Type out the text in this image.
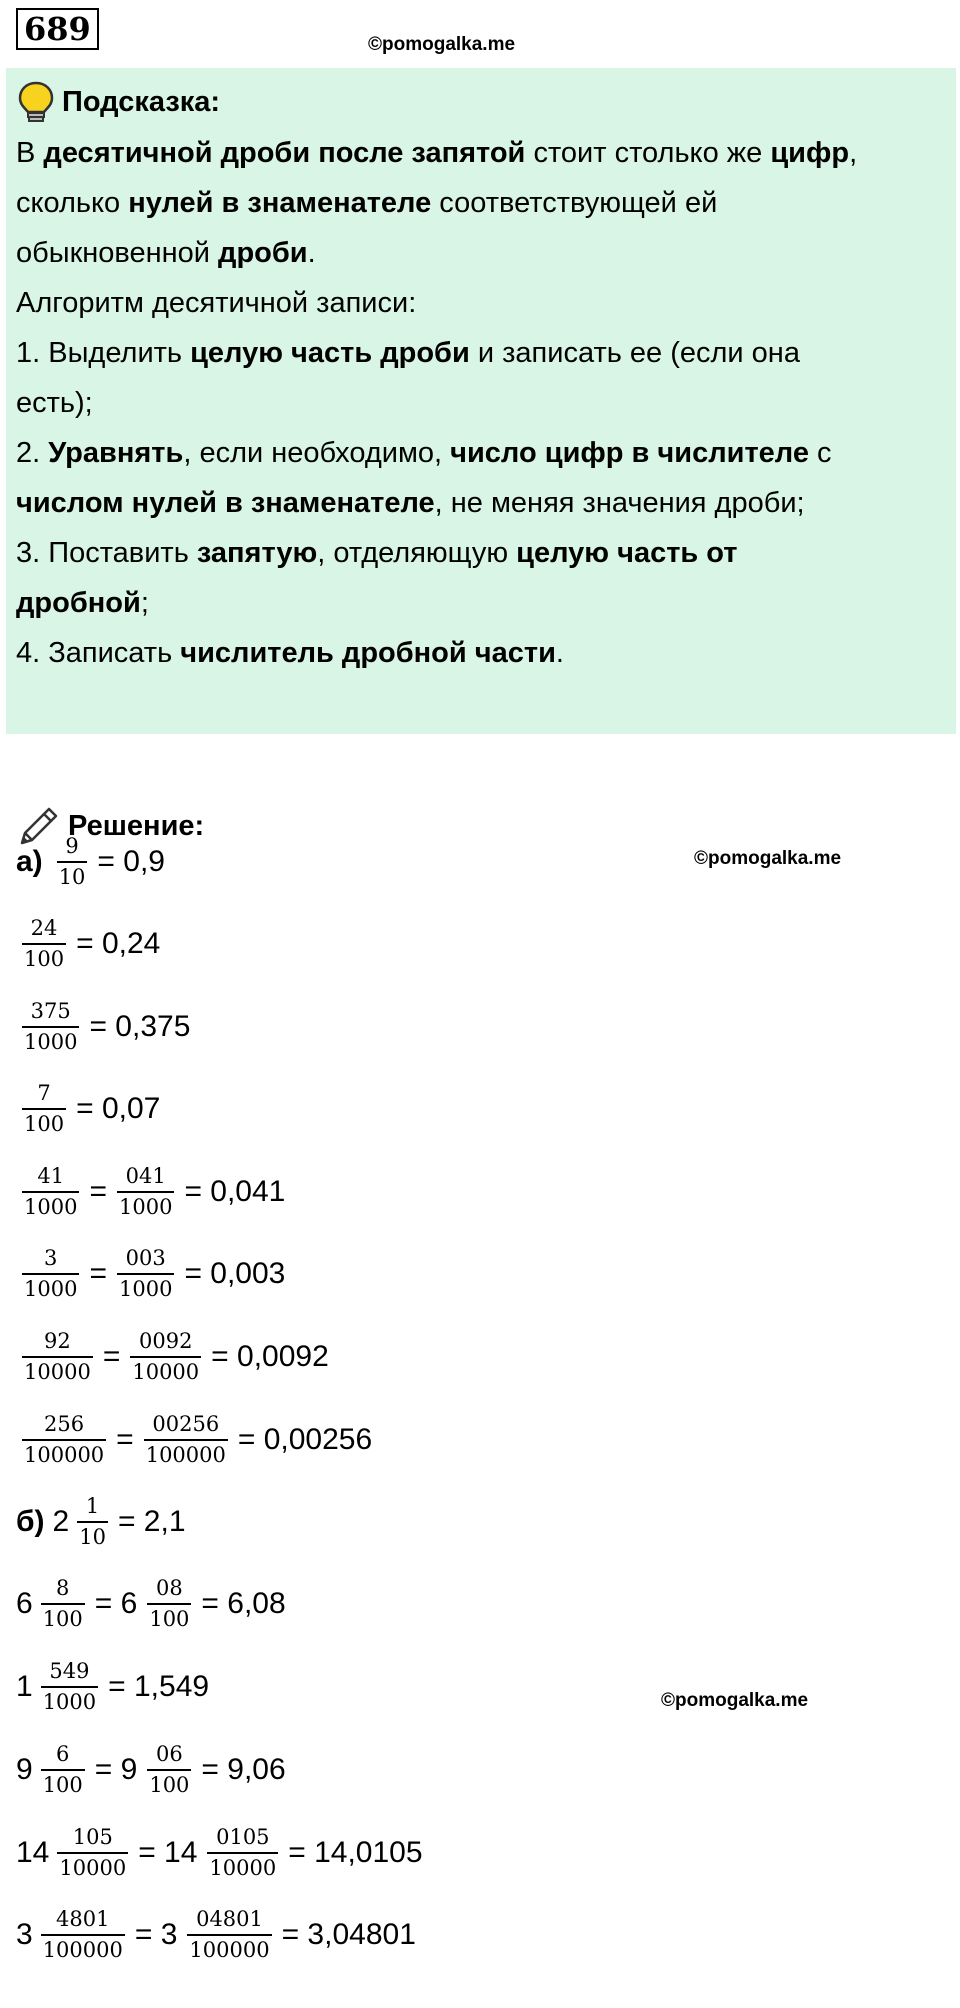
689	©pomogalka.me
Подсказка:
В десятичной дроби после запятой стоит столько же цифр,
сколько нулей в знаменателе соответствующей ей
обыкновенной дроби.
Алгоритм десятичной записи:
1. Выделить целую часть дроби и записать ее (если она
есть);
2. Уравнять, если необходимо, число цифр в числителе с
числом нулей в знаменателе, не меняя значения дроби;
3. Поставить запятую, отделяющую целую часть от
дробной;
4. Записать числитель дробной части.
Решение:
©pomogalka.me
©pomogalka.me
$а) \frac{9}{10} = 0,9$
$\frac{24}{100} = 0,24$
$\frac{375}{1000} = 0,375$
$\frac{7}{100} = 0,07$
$\frac{41}{1000} = \frac{041}{1000} = 0,041$
$\frac{3}{1000} = \frac{003}{1000} = 0,003$
$\frac{92}{10000} = \frac{0092}{10000} = 0,0092$
$\frac{256}{100000} = \frac{00256}{100000} = 0,00256$
б) $2 \frac{1}{10} = 2,1$
$6 \frac{8}{100} = 6 \frac{08}{100} = 6,08$
$1 \frac{549}{1000} = 1,549$
$9 \frac{6}{100} = 9 \frac{06}{100} = 9,06$
$14 \frac{105}{10000} = 14 \frac{0105}{10000} = 14,0105$
$3 \frac{4801}{100000} = 3 \frac{04801}{100000} = 3,04801$
